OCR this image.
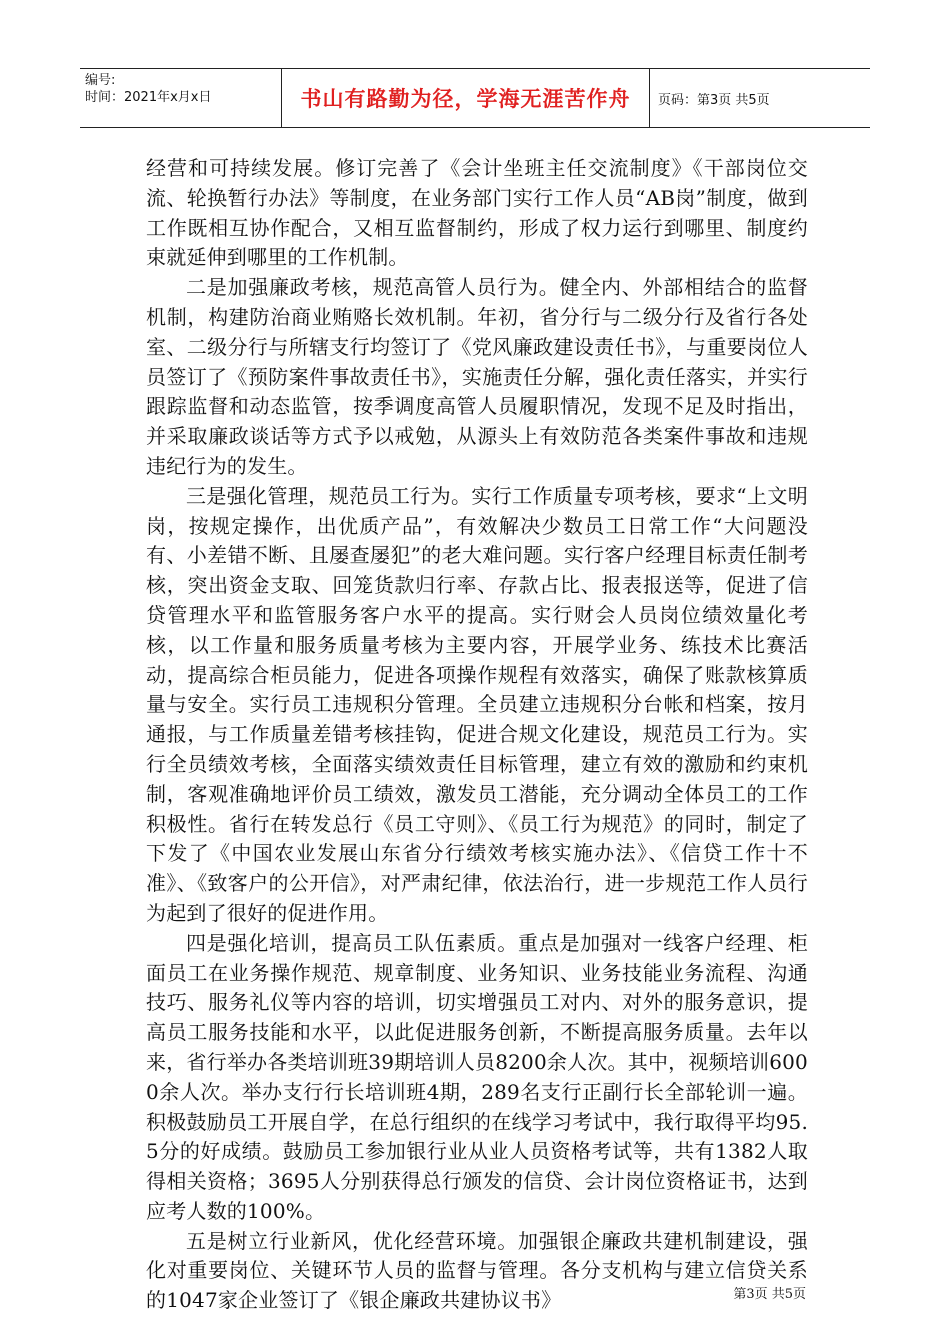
编号:
时间：2021年x月x日	书山有路勤为径，学海无涯苦作舟	页码：第3页 共5页

经营和可持续发展。修订完善了《会计坐班主任交流制度》《干部岗位交流、轮换暂行办法》等制度，在业务部门实行工作人员“AB岗”制度，做到工作既相互协作配合，又相互监督制约，形成了权力运行到哪里、制度约束就延伸到哪里的工作机制。

二是加强廉政考核，规范高管人员行为。健全内、外部相结合的监督机制，构建防治商业贿赂长效机制。年初，省分行与二级分行及省行各处室、二级分行与所辖支行均签订了《党风廉政建设责任书》，与重要岗位人员签订了《预防案件事故责任书》，实施责任分解，强化责任落实，并实行跟踪监督和动态监管，按季调度高管人员履职情况，发现不足及时指出，并采取廉政谈话等方式予以戒勉，从源头上有效防范各类案件事故和违规违纪行为的发生。

三是强化管理，规范员工行为。实行工作质量专项考核，要求“上文明岗，按规定操作，出优质产品”，有效解决少数员工日常工作“大问题没有、小差错不断、且屡查屡犯”的老大难问题。实行客户经理目标责任制考核，突出资金支取、回笼货款归行率、存款占比、报表报送等，促进了信贷管理水平和监管服务客户水平的提高。实行财会人员岗位绩效量化考核，以工作量和服务质量考核为主要内容，开展学业务、练技术比赛活动，提高综合柜员能力，促进各项操作规程有效落实，确保了账款核算质量与安全。实行员工违规积分管理。全员建立违规积分台帐和档案，按月通报，与工作质量差错考核挂钩，促进合规文化建设，规范员工行为。实行全员绩效考核，全面落实绩效责任目标管理，建立有效的激励和约束机制，客观准确地评价员工绩效，激发员工潜能，充分调动全体员工的工作积极性。省行在转发总行《员工守则》、《员工行为规范》的同时，制定了下发了《中国农业发展山东省分行绩效考核实施办法》、《信贷工作十不准》、《致客户的公开信》，对严肃纪律，依法治行，进一步规范工作人员行为起到了很好的促进作用。

四是强化培训，提高员工队伍素质。重点是加强对一线客户经理、柜面员工在业务操作规范、规章制度、业务知识、业务技能业务流程、沟通技巧、服务礼仪等内容的培训，切实增强员工对内、对外的服务意识，提高员工服务技能和水平，以此促进服务创新，不断提高服务质量。去年以来，省行举办各类培训班39期培训人员8200余人次。其中，视频培训6000余人次。举办支行行长培训班4期，289名支行正副行长全部轮训一遍。积极鼓励员工开展自学，在总行组织的在线学习考试中，我行取得平均95.5分的好成绩。鼓励员工参加银行业从业人员资格考试等，共有1382人取得相关资格；3695人分别获得总行颁发的信贷、会计岗位资格证书，达到应考人数的100%。

五是树立行业新风，优化经营环境。加强银企廉政共建机制建设，强化对重要岗位、关键环节人员的监督与管理。各分支机构与建立信贷关系的1047家企业签订了《银企廉政共建协议书》	第3页 共5页
